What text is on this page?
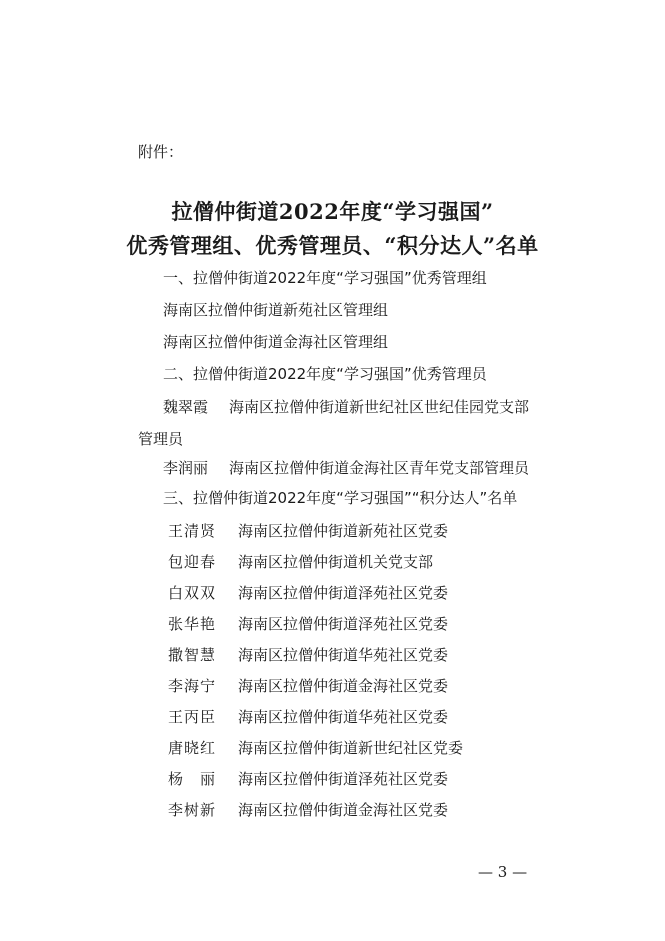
附件：
拉僧仲街道2022年度“学习强国”
优秀管理组、优秀管理员、“积分达人”名单
一、拉僧仲街道2022年度“学习强国”优秀管理组
海南区拉僧仲街道新苑社区管理组
海南区拉僧仲街道金海社区管理组
二、拉僧仲街道2022年度“学习强国”优秀管理员
魏翠霞 海南区拉僧仲街道新世纪社区世纪佳园党支部
管理员
李润丽 海南区拉僧仲街道金海社区青年党支部管理员
三、拉僧仲街道2022年度“学习强国”“积分达人”名单
王清贤 海南区拉僧仲街道新苑社区党委
包迎春 海南区拉僧仲街道机关党支部
白双双 海南区拉僧仲街道泽苑社区党委
张华艳 海南区拉僧仲街道泽苑社区党委
撒智慧 海南区拉僧仲街道华苑社区党委
李海宁 海南区拉僧仲街道金海社区党委
王丙臣 海南区拉僧仲街道华苑社区党委
唐晓红 海南区拉僧仲街道新世纪社区党委
杨　丽 海南区拉僧仲街道泽苑社区党委
李树新 海南区拉僧仲街道金海社区党委
— 3 —
